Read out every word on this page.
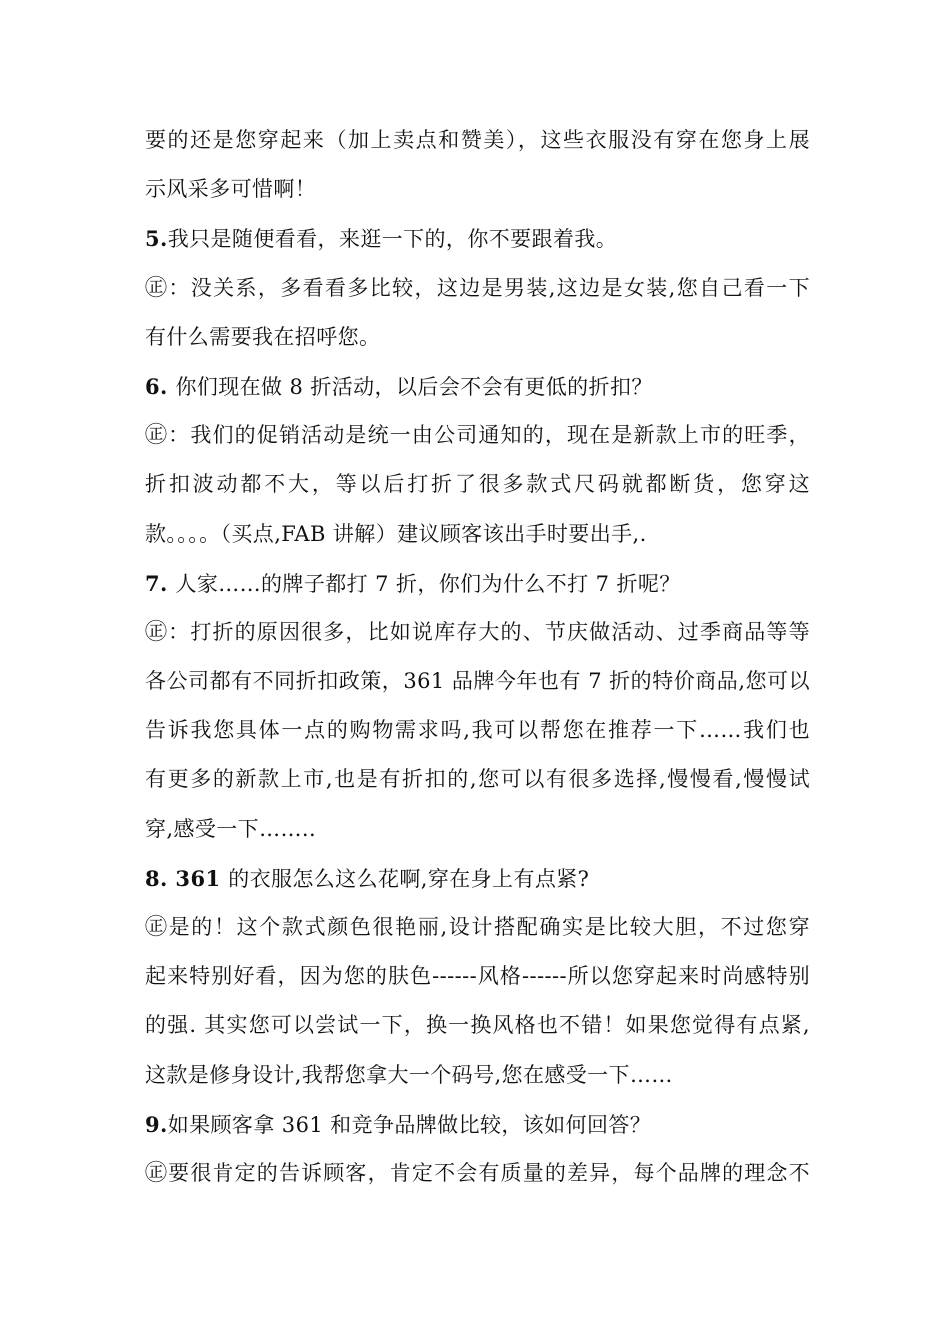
要的还是您穿起来（加上卖点和赞美），这些衣服没有穿在您身上展
示风采多可惜啊！
5.我只是随便看看，来逛一下的，你不要跟着我。
㊣：没关系，多看看多比较，这边是男装,这边是女装,您自己看一下
有什么需要我在招呼您。
6. 你们现在做 8 折活动，以后会不会有更低的折扣？
㊣：我们的促销活动是统一由公司通知的，现在是新款上市的旺季，
折扣波动都不大，等以后打折了很多款式尺码就都断货，您穿这
款。。。。（买点,FAB 讲解）建议顾客该出手时要出手,.
7. 人家……的牌子都打 7 折，你们为什么不打 7 折呢？
㊣：打折的原因很多，比如说库存大的、节庆做活动、过季商品等等
各公司都有不同折扣政策，361 品牌今年也有 7 折的特价商品,您可以
告诉我您具体一点的购物需求吗,我可以帮您在推荐一下……我们也
有更多的新款上市,也是有折扣的,您可以有很多选择,慢慢看,慢慢试
穿,感受一下……..
8. 361 的衣服怎么这么花啊,穿在身上有点紧?
㊣是的！这个款式颜色很艳丽,设计搭配确实是比较大胆，不过您穿
起来特别好看，因为您的肤色------风格------所以您穿起来时尚感特别
的强. 其实您可以尝试一下，换一换风格也不错！如果您觉得有点紧,
这款是修身设计,我帮您拿大一个码号,您在感受一下……
9.如果顾客拿 361 和竞争品牌做比较，该如何回答？
㊣要很肯定的告诉顾客，肯定不会有质量的差异，每个品牌的理念不
